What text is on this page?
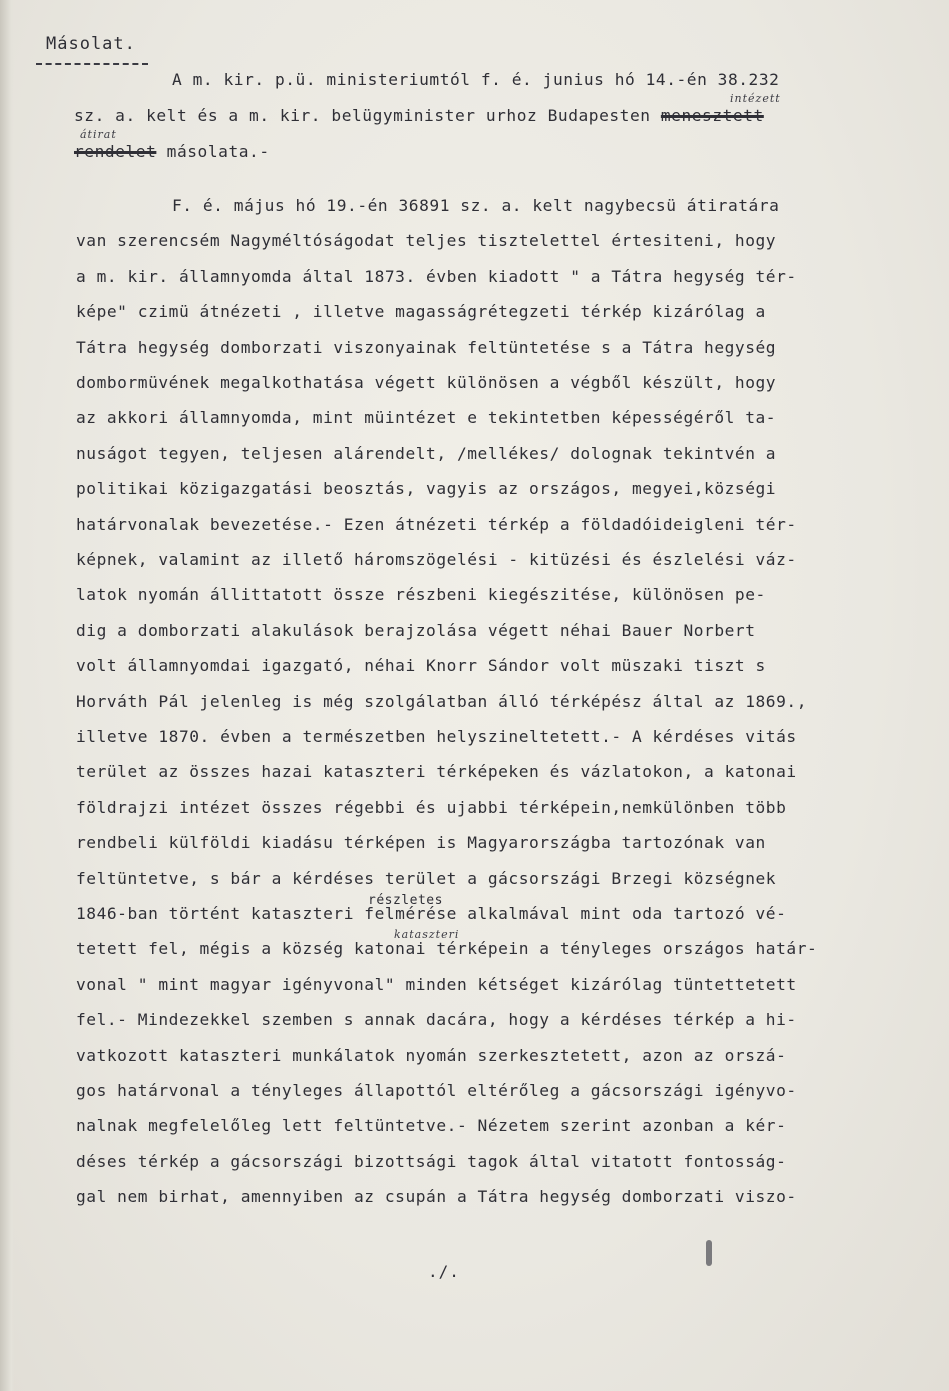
Másolat.
A m. kir. p.ü. ministeriumtól f. é. junius hó 14.-én 38.232
intézett
sz. a. kelt és a m. kir. belügyminister urhoz Budapesten menesztett
átirat
rendelet másolata.-
F. é. május hó 19.-én 36891 sz. a. kelt nagybecsü átiratára
van szerencsém Nagyméltóságodat teljes tisztelettel értesiteni, hogy
a m. kir. államnyomda által 1873. évben kiadott " a Tátra hegység tér-
képe" czimü átnézeti , illetve magasságrétegzeti térkép kizárólag a
Tátra hegység domborzati viszonyainak feltüntetése s a Tátra hegység
dombormüvének megalkothatása végett különösen a végből készült, hogy
az akkori államnyomda, mint müintézet e tekintetben képességéről ta-
nuságot tegyen, teljesen alárendelt, /mellékes/ dolognak tekintvén a
politikai közigazgatási beosztás, vagyis az országos, megyei,községi
határvonalak bevezetése.- Ezen átnézeti térkép a földadóideigleni tér-
képnek, valamint az illető háromszögelési - kitüzési és észlelési váz-
latok nyomán állittatott össze részbeni kiegészitése, különösen pe-
dig a domborzati alakulások berajzolása végett néhai Bauer Norbert
volt államnyomdai igazgató, néhai Knorr Sándor volt müszaki tiszt s
Horváth Pál jelenleg is még szolgálatban álló térképész által az 1869.,
illetve 1870. évben a természetben helyszineltetett.- A kérdéses vitás
terület az összes hazai kataszteri térképeken és vázlatokon, a katonai
földrajzi intézet összes régebbi és ujabbi térképein,nemkülönben több
rendbeli külföldi kiadásu térképen is Magyarországba tartozónak van
feltüntetve, s bár a kérdéses terület a gácsországi Brzegi községnek
1846-ban történt kataszteri felmérése alkalmával mint oda tartozó vé-
tetett fel, mégis a község katonai térképein a tényleges országos határ-
vonal " mint magyar igényvonal" minden kétséget kizárólag tüntettetett
fel.- Mindezekkel szemben s annak dacára, hogy a kérdéses térkép a hi-
vatkozott kataszteri munkálatok nyomán szerkesztetett, azon az orszá-
gos határvonal a tényleges állapottól eltérőleg a gácsországi igényvo-
nalnak megfelelőleg lett feltüntetve.- Nézetem szerint azonban a kér-
déses térkép a gácsországi bizottsági tagok által vitatott fontosság-
gal nem birhat, amennyiben az csupán a Tátra hegység domborzati viszo-
részletes
kataszteri
./.
